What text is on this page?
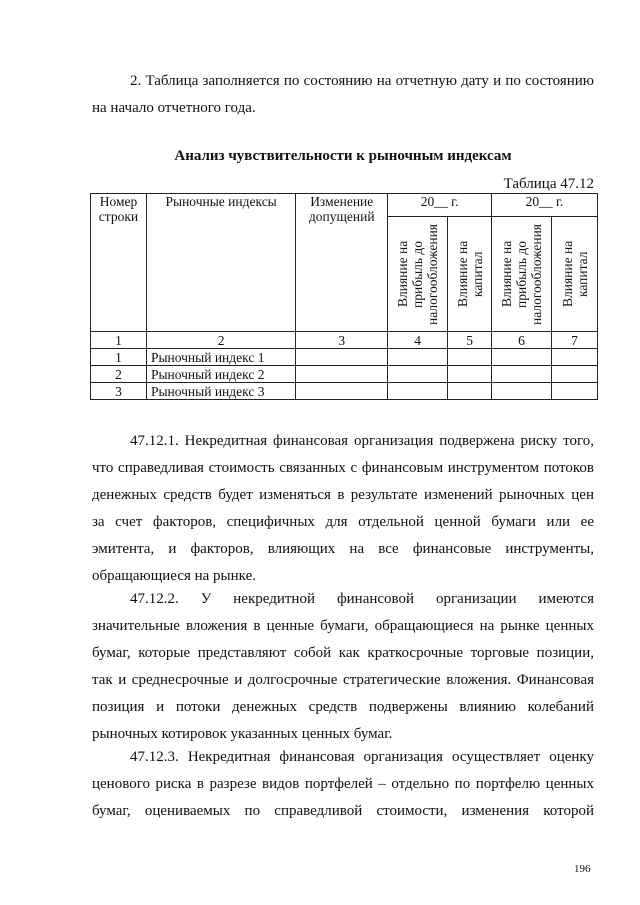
2. Таблица заполняется по состоянию на отчетную дату и по состоянию
на начало отчетного года.

Анализ чувствительности к рыночным индексам
Таблица 47.12
Номер строки	Рыночные индексы	Изменение допущений	20__ г.		20__ г.	

			Влияние на прибыль до налогообложения	Влияние на капитал	Влияние на прибыль до налогообложения	Влияние на капитал

1	2	3	4	5	6	7
1	Рыночный индекс 1					
2	Рыночный индекс 2					
3	Рыночный индекс 3					

47.12.1. Некредитная финансовая организация подвержена риску того,
что справедливая стоимость связанных с финансовым инструментом потоков
денежных средств будет изменяться в результате изменений рыночных цен
за счет факторов, специфичных для отдельной ценной бумаги или ее
эмитента, и факторов, влияющих на все финансовые инструменты,
обращающиеся на рынке.

47.12.2. У некредитной финансовой организации имеются
значительные вложения в ценные бумаги, обращающиеся на рынке ценных
бумаг, которые представляют собой как краткосрочные торговые позиции,
так и среднесрочные и долгосрочные стратегические вложения. Финансовая
позиция и потоки денежных средств подвержены влиянию колебаний
рыночных котировок указанных ценных бумаг.

47.12.3. Некредитная финансовая организация осуществляет оценку
ценового риска в разрезе видов портфелей – отдельно по портфелю ценных
бумаг, оцениваемых по справедливой стоимости, изменения которой

196
